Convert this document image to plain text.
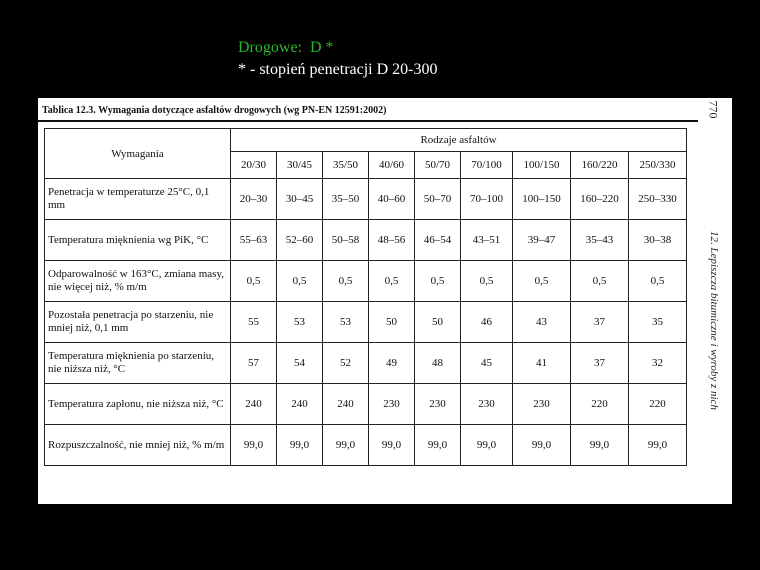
Drogowe:  D *
* - stopień penetracji D 20-300
Tablica 12.3. Wymagania dotyczące asfaltów drogowych (wg PN-EN 12591:2002)	770
12. Lepiszcza bitumiczne i wyroby z nich
Wymagania	Rodzaje asfaltów								
	20/30	30/45	35/50	40/60	50/70	70/100	100/150	160/220	250/330
Penetracja w temperaturze 25°C, 0,1 mm	20–30	30–45	35–50	40–60	50–70	70–100	100–150	160–220	250–330
Temperatura mięknienia wg PiK, °C	55–63	52–60	50–58	48–56	46–54	43–51	39–47	35–43	30–38
Odparowalność w 163°C, zmiana masy, nie więcej niż, % m/m	0,5	0,5	0,5	0,5	0,5	0,5	0,5	0,5	0,5
Pozostała penetracja po starzeniu, nie mniej niż, 0,1 mm	55	53	53	50	50	46	43	37	35
Temperatura mięknienia po starzeniu, nie niższa niż, °C	57	54	52	49	48	45	41	37	32
Temperatura zapłonu, nie niższa niż, °C	240	240	240	230	230	230	230	220	220
Rozpuszczalność, nie mniej niż, % m/m	99,0	99,0	99,0	99,0	99,0	99,0	99,0	99,0	99,0
